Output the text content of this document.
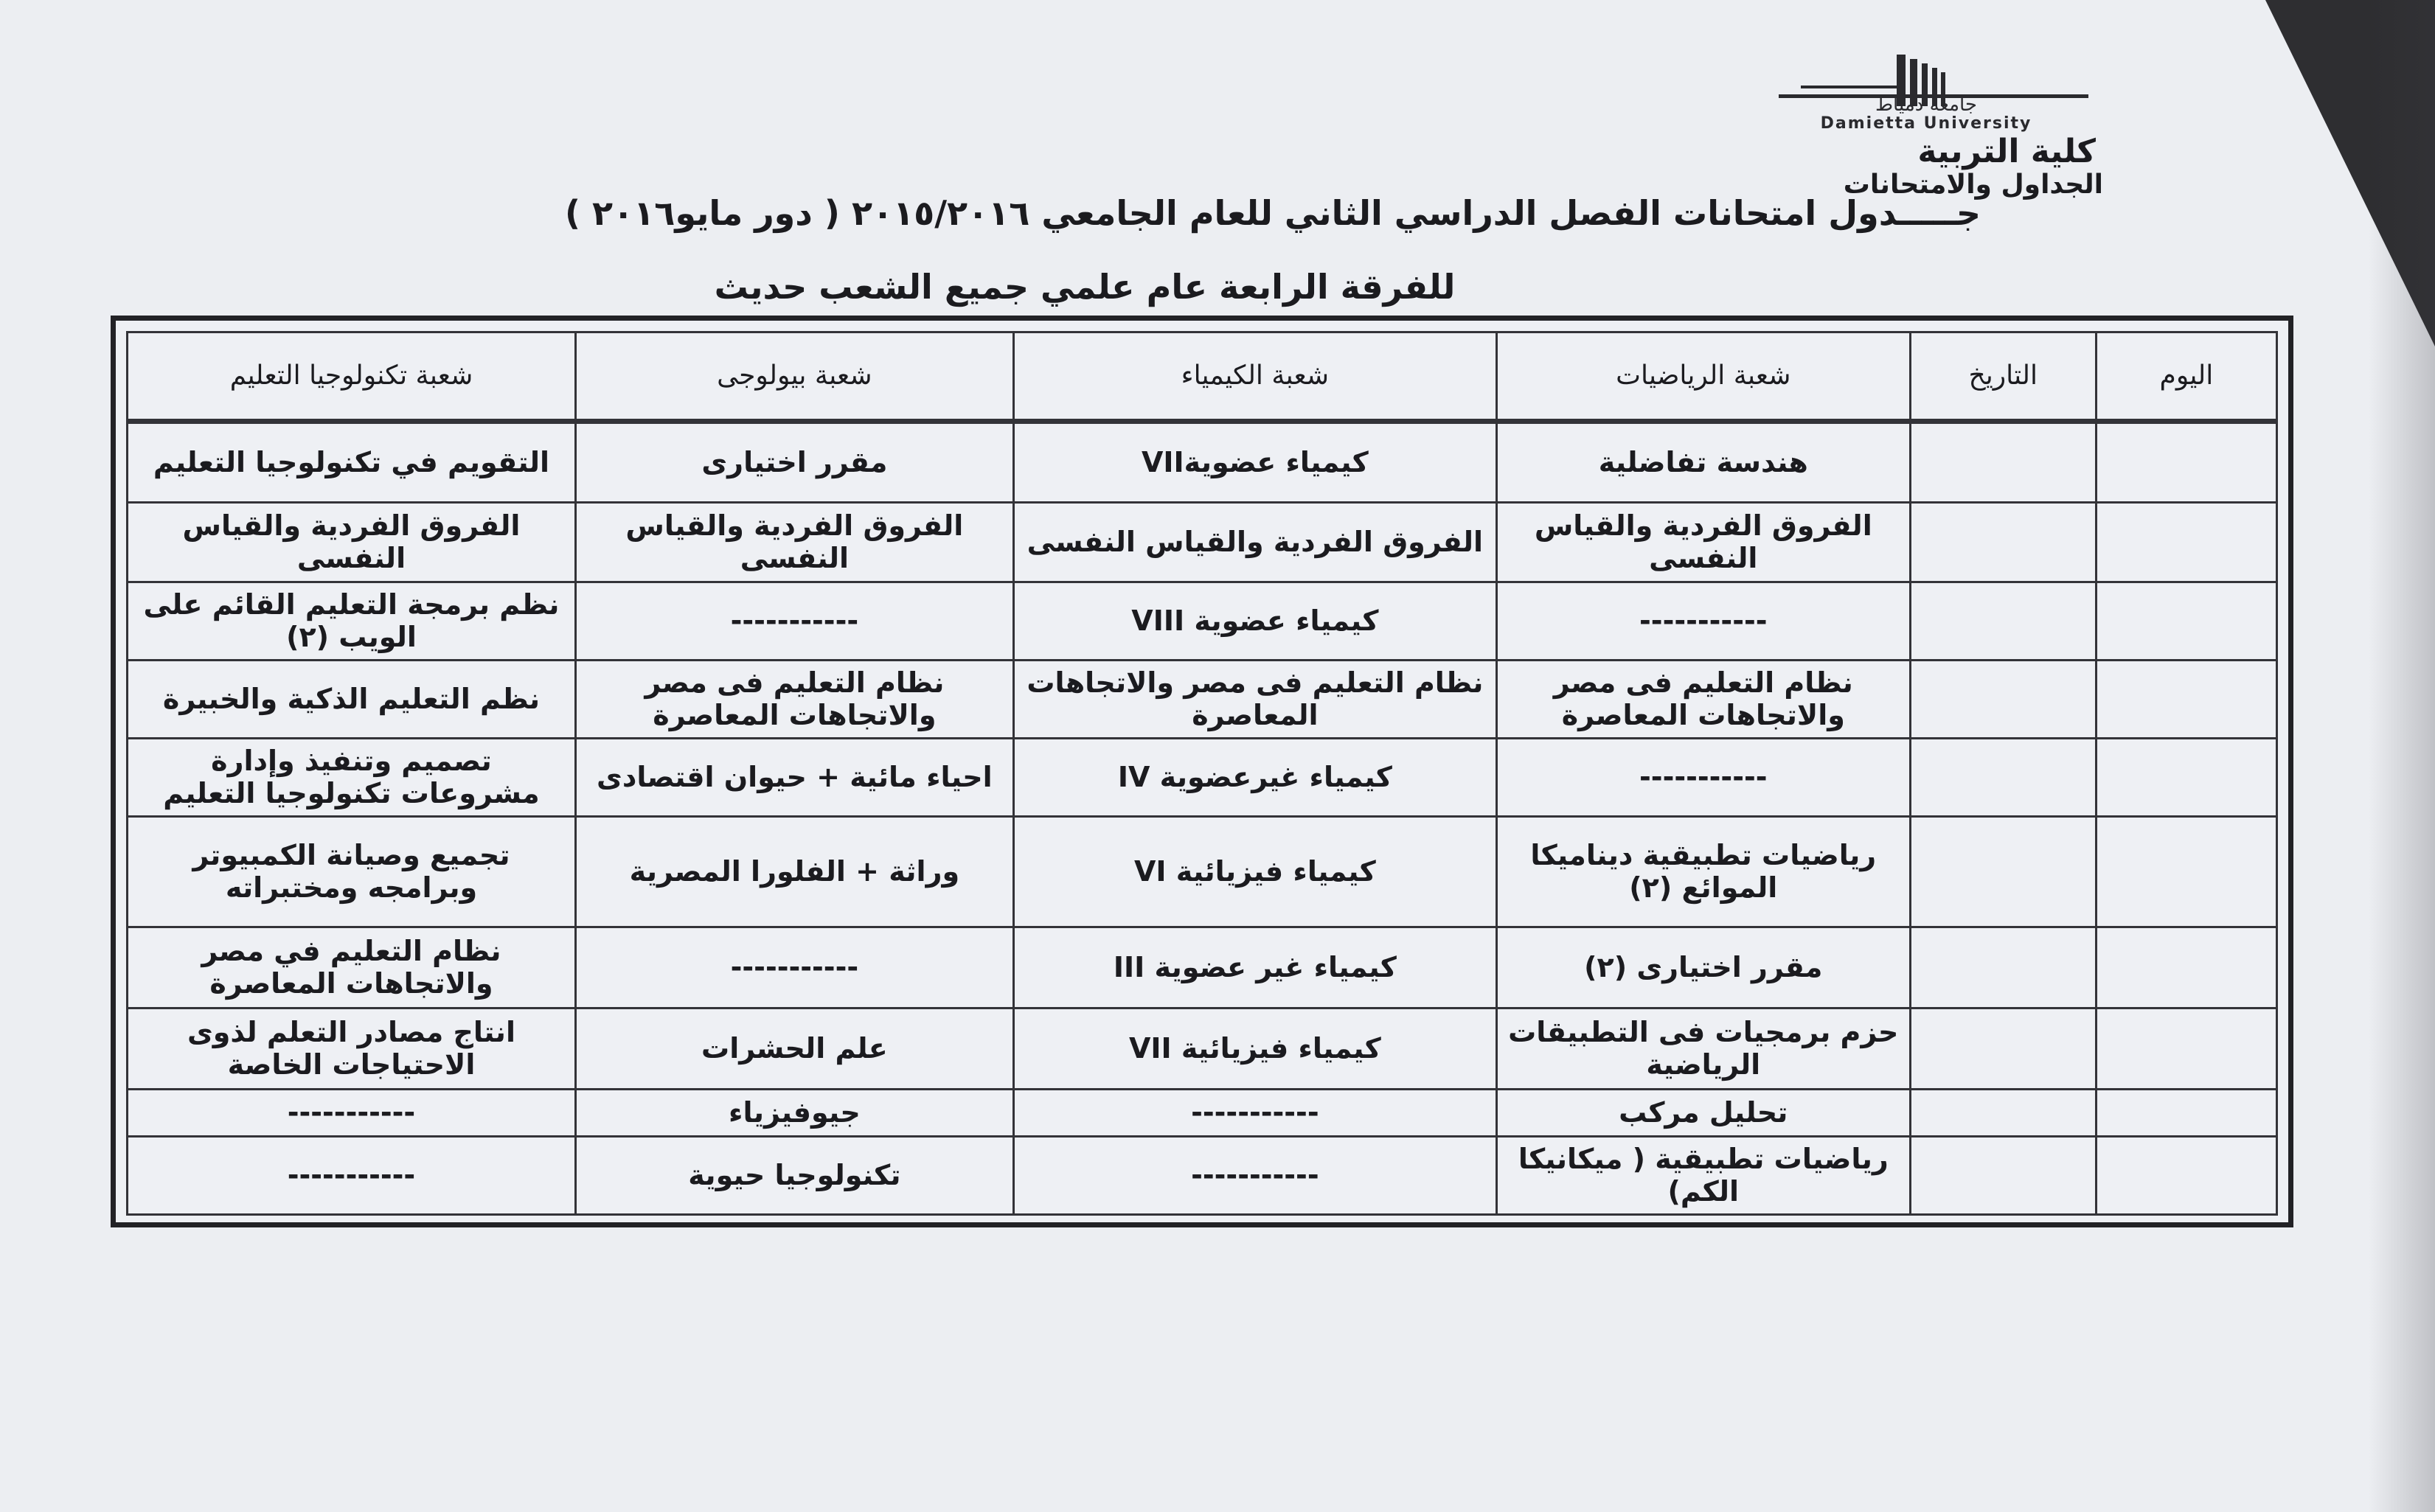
جامعة دمياط
Damietta University
كلية التربية
الجداول والامتحانات
جـــــدول امتحانات الفصل الدراسي الثاني للعام الجامعي ٢٠١٥/٢٠١٦ ( دور مايو٢٠١٦ )
للفرقة الرابعة عام علمي جميع الشعب حديث
اليوم	التاريخ	شعبة الرياضيات	شعبة الكيمياء	شعبة بيولوجى	شعبة تكنولوجيا التعليم
		هندسة تفاضلية	كيمياء عضويةVII	مقرر اختيارى	التقويم في تكنولوجيا التعليم
		الفروق الفردية والقياس النفسى	الفروق الفردية والقياس النفسى	الفروق الفردية والقياس النفسى	الفروق الفردية والقياس النفسى
		-----------	كيمياء عضوية VIII	-----------	نظم برمجة التعليم القائم على الويب (٢)
		نظام التعليم فى مصر والاتجاهات المعاصرة	نظام التعليم فى مصر والاتجاهات المعاصرة	نظام التعليم فى مصر والاتجاهات المعاصرة	نظم التعليم الذكية والخبيرة
		-----------	كيمياء غيرعضوية IV	احياء مائية + حيوان اقتصادى	تصميم وتنفيذ وإدارة مشروعات تكنولوجيا التعليم
		رياضيات تطبيقية ديناميكا الموائع (٢)	كيمياء فيزيائية VI	وراثة + الفلورا المصرية	تجميع وصيانة الكمبيوتر وبرامجه ومختبراته
		مقرر اختيارى (٢)	كيمياء غير عضوية III	-----------	نظام التعليم في مصر والاتجاهات المعاصرة
		حزم برمجيات فى التطبيقات الرياضية	كيمياء فيزيائية VII	علم الحشرات	انتاج مصادر التعلم لذوى الاحتياجات الخاصة
		تحليل مركب	-----------	جيوفيزياء	-----------
		رياضيات تطبيقية ( ميكانيكا الكم)	-----------	تكنولوجيا حيوية	-----------
